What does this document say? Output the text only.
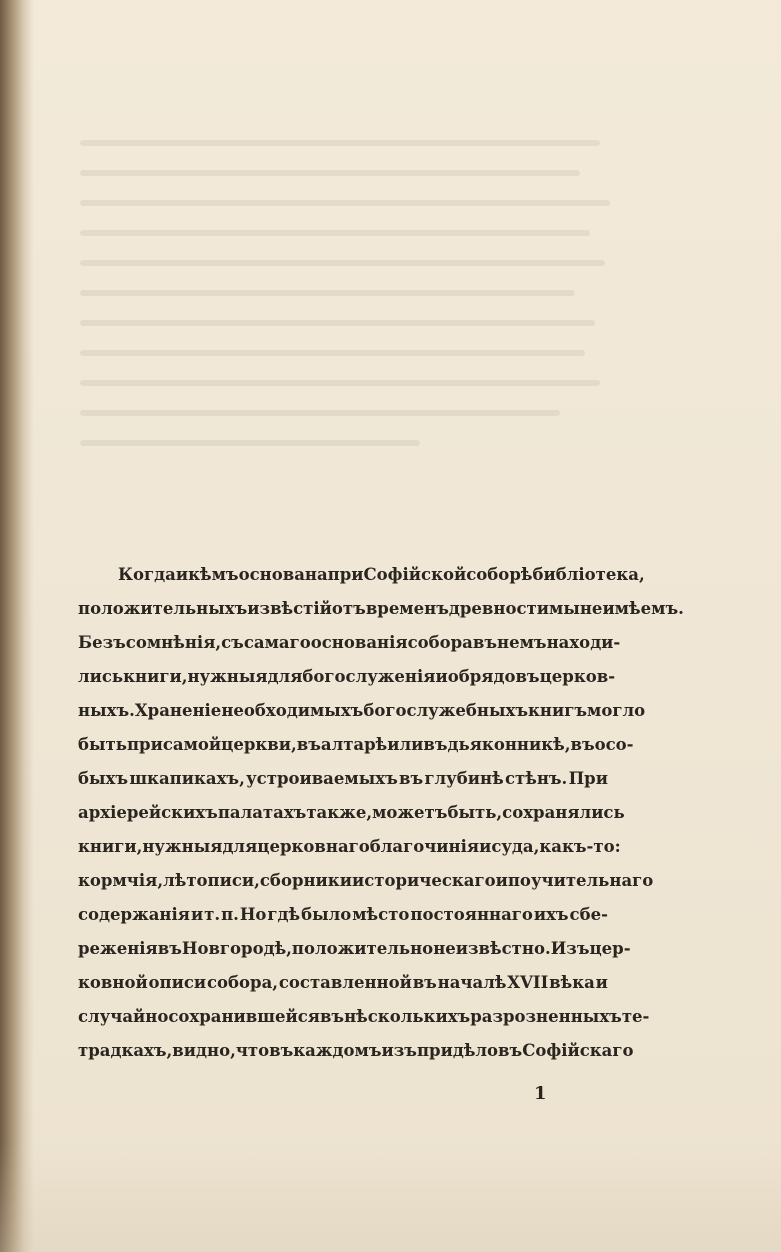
Когда и кѣмъ основана при Софійской соборѣ библіотека,
положительныхъ извѣстій отъ временъ древности мы не имѣемъ.
Безъ сомнѣнія, съ самаго основанія собора въ немъ находи-
лись книги, нужныя для богослуженія и обрядовъ церков-
ныхъ. Храненіе необходимыхъ богослужебныхъ книгъ могло
быть при самой церкви, въ алтарѣ или въ дьяконникѣ, въ осо-
быхъ шкапикахъ, устроиваемыхъ въ глубинѣ стѣнъ. При
архіерейскихъ палатахъ также, можетъ быть, сохранялись
книги, нужныя для церковнаго благочинія и суда, какъ-то:
кормчія, лѣтописи, сборники историческаго и поучительнаго
содержанія и т. п. Но гдѣ было мѣсто постояннаго ихъ сбе-
реженія въ Новгородѣ, положительно неизвѣстно. Изъ цер-
ковной описи собора, составленной въ началѣ XVII вѣка и
случайно сохранившейся въ нѣсколькихъ разрозненныхъ те-
традкахъ, видно, что въ каждомъ изъ придѣловъ Софійскаго
1
